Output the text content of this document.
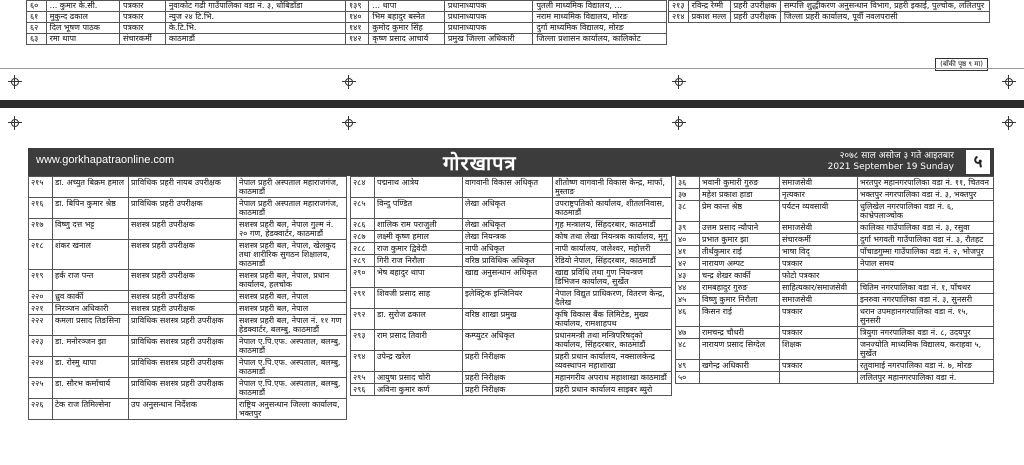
६०	... कुमार के.सी.	पत्रकार	नुवाकोट गढी गाउँपालिका वडा नं. ३, धोबिडाँडा
६१	मुकुन्द ढकाल	पत्रकार	न्युज २४ टि.भि.
६२	दिल भूषण पाठक	पत्रकार	के.टि.भि.
६३	रमा थापा	संचारकर्मी	काठमाडौं
१३९	... थापा	प्रधानाध्यापक	पुतली माध्यमिक विद्यालय, ...
१४०	भिम बहादुर बस्नेत	प्रधानाध्यापक	नराम माध्यमिक विद्यालय, मोरङ
१४१	कुमोद कुमार सिंह	प्रधानाध्यापक	दुर्गा माध्यमिक विद्यालय, मोरङ
१४२	कृष्ण प्रसाद आचार्य	प्रमुख जिल्ला अधिकारी	जिल्ला प्रशासन कार्यालय, कालिकोट
२१३	रविन्द्र रेग्मी	प्रहरी उपरीक्षक	सम्पत्ति शुद्धीकरण अनुसन्धान विभाग, प्रहरी इकाई, पुल्चोक, ललितपुर
२१४	प्रकाश मल्ल	प्रहरी उपरीक्षक	जिल्ला प्रहरी कार्यालय, पूर्वी नवलपरासी
(बाँकी पृष्ठ ९ मा)
www.gorkhapatraonline.com	गोरखापत्र	२०७८ साल असोज ३ गते आइतबार
2021 September 19 Sunday	५
२१५	डा. अच्युत बिक्रम हमाल	प्राविधिक प्रहरी नायब उपरीक्षक	नेपाल प्रहरी अस्पताल महाराजगंज, काठमाडौं
२१६	डा. बिपिन कुमार श्रेष्ठ	प्राविधिक प्रहरी उपरीक्षक	नेपाल प्रहरी अस्पताल महाराजगंज, काठमाडौं
२१७	विष्णु दत्त भट्ट	सशस्त्र प्रहरी उपरीक्षक	सशस्त्र प्रहरी बल, नेपाल गुल्म नं. २० गण, हेडक्वार्टर, काठमाडौं
२१८	शंकर खनाल	सशस्त्र प्रहरी उपरीक्षक	सशस्त्र प्रहरी बल, नेपाल, खेलकुद तथा शारीरिक सुगठन शिक्षालय, काठमाडौं
२१९	हर्क राज पन्त	सशस्त्र प्रहरी उपरीक्षक	सशस्त्र प्रहरी बल, नेपाल, प्रधान कार्यालय, हलचोक
२२०	ध्रुव कार्की	सशस्त्र प्रहरी उपरीक्षक	सशस्त्र प्रहरी बल, नेपाल
२२१	निरञ्जन अधिकारी	सशस्त्र प्रहरी उपरीक्षक	सशस्त्र प्रहरी बल, नेपाल
२२२	कमला प्रसाद तिङसिना	प्राविधिक सशस्त्र प्रहरी उपरीक्षक	सशस्त्र प्रहरी बल, नेपाल नं. ११ गण हेडक्वार्टर, बलम्बु, काठमाडौं
२२३	डा. मनोरञ्जन झा	प्राविधिक सशस्त्र प्रहरी उपरीक्षक	नेपाल ए.पि.एफ. अस्पताल, बलम्बु, काठमाडौं
२२४	डा. रोस्मु थापा	प्राविधिक सशस्त्र प्रहरी उपरीक्षक	नेपाल ए.पि.एफ. अस्पताल, बलम्बु, काठमाडौं
२२५	डा. सौरभ कर्माचार्य	प्राविधिक सशस्त्र प्रहरी उपरीक्षक	नेपाल ए.पि.एफ. अस्पताल, बलम्बु, काठमाडौं
२२६	टेक राज तिमिल्सेना	उप अनुसन्धान निर्देशक	राष्ट्रिय अनुसन्धान जिल्ला कार्यालय, भक्तपुर
२८४	पद्मनाथ आत्रेय	वागवानी विकास अधिकृत	शीतोष्ण वागवानी विकास केन्द्र, मार्फा, मुस्ताङ
२८५	विन्दु पण्डित	लेखा अधिकृत	उपराष्ट्रपतिको कार्यालय, शीतलनिवास, काठमाडौं
२८६	शालिक राम पराजुली	लेखा अधिकृत	गृह मन्त्रालय, सिंहदरबार, काठमाडौं
२८७	लक्ष्मी कृष्ण हमाल	लेखा नियन्त्रक	कोष तथा लेखा नियन्त्रक कार्यालय, मुगु
२८८	राज कुमार द्विवेदी	नापी अधिकृत	नापी कार्यालय, जलेश्वर, महोत्तरी
२८९	गिरी राज निरौला	वरिष्ठ प्राविधिक अधिकृत	रेडियो नेपाल, सिंहदरबार, काठमाडौं
२९०	भेष बहादुर थापा	खाद्य अनुसन्धान अधिकृत	खाद्य प्रविधि तथा गुण नियन्त्रण डिभिजन कार्यालय, सुर्खेत
२९१	शिवजी प्रसाद साह	इलेक्ट्रिक इन्जिनियर	नेपाल विद्युत प्राधिकरण, वितरण केन्द्र, दैलेख
२९२	डा. सुरोज ढकाल	वरिष्ठ शाखा प्रमुख	कृषि विकास बैंक लिमिटेड, मुख्य कार्यालय, रामशाहपथ
२९३	राम प्रसाद तिवारी	कम्प्युटर अधिकृत	प्रधानमन्त्री तथा मन्त्रिपरिषद्को कार्यालय, सिंहदरबार, काठमाडौं
२९४	उपेन्द्र खरेल	प्रहरी निरीक्षक	प्रहरी प्रधान कार्यालय, नक्सालकेन्द्र व्यवस्थापन महाशाखा
२९५	आयुषा प्रसाद चोरी	प्रहरी निरीक्षक	महानगरीय अपराध महाशाखा काठमाडौं
२९६	अविना कुमार कर्ण	प्रहरी निरीक्षक	प्रहरी प्रधान कार्यालय साइबर ब्युरो
३६	भवानी कुमारी गुरुङ	समाजसेवी	भरतपुर महानगरपालिका वडा नं. ११, चितवन
३७	महेश प्रकाश हाडा	नृत्यकार	भक्तपुर नगरपालिका वडा नं. ३, भक्तपुर
३८	प्रेम कान्त श्रेष्ठ	पर्यटन व्यवसायी	धुलिखेल नगरपालिका वडा नं. ६, काभ्रेपलाञ्चोक
३९	उत्तम प्रसाद न्यौपाने	समाजसेवी	कालिका गाउँपालिका वडा नं. ३, रसुवा
४०	प्रभात कुमार झा	संचारकर्मी	दुर्गा भगवती गाउँपालिका वडा नं. ३, रौतहट
४१	तीर्थकुमार राई	भाषा विद्	पाँचाडगुम्मा गाउँपालिका वडा नं. २, भोजपुर
४२	नारायण अम्पट	पत्रकार	नेपाल समय
४३	चन्द्र शेखर कार्की	फोटो पत्रकार	
४४	रामबहादुर गुरुङ	साहित्यकार/समाजसेवी	चितिम नगरपालिका वडा नं. १, पाँचथर
४५	विष्णु कुमार निरौला	समाजसेवी	इनरुवा नगरपालिका वडा नं. ३, सुनसरी
४६	किसन राई	पत्रकार	धरान उपमहानगरपालिका वडा नं. १५, सुनसरी
४७	रामचन्द्र चौधरी	पत्रकार	त्रियुगा नगरपालिका वडा नं. ८, उदयपुर
४८	नारायण प्रसाद सिग्देल	शिक्षक	जनज्योति माध्यमिक विद्यालय, कराहवा ५, सुर्खेत
४९	खगेन्द्र अधिकारी	पत्रकार	रतुवामाई नगरपालिका वडा नं. ७, मोरङ
५०			ललितपुर महानगरपालिका वडा नं.
